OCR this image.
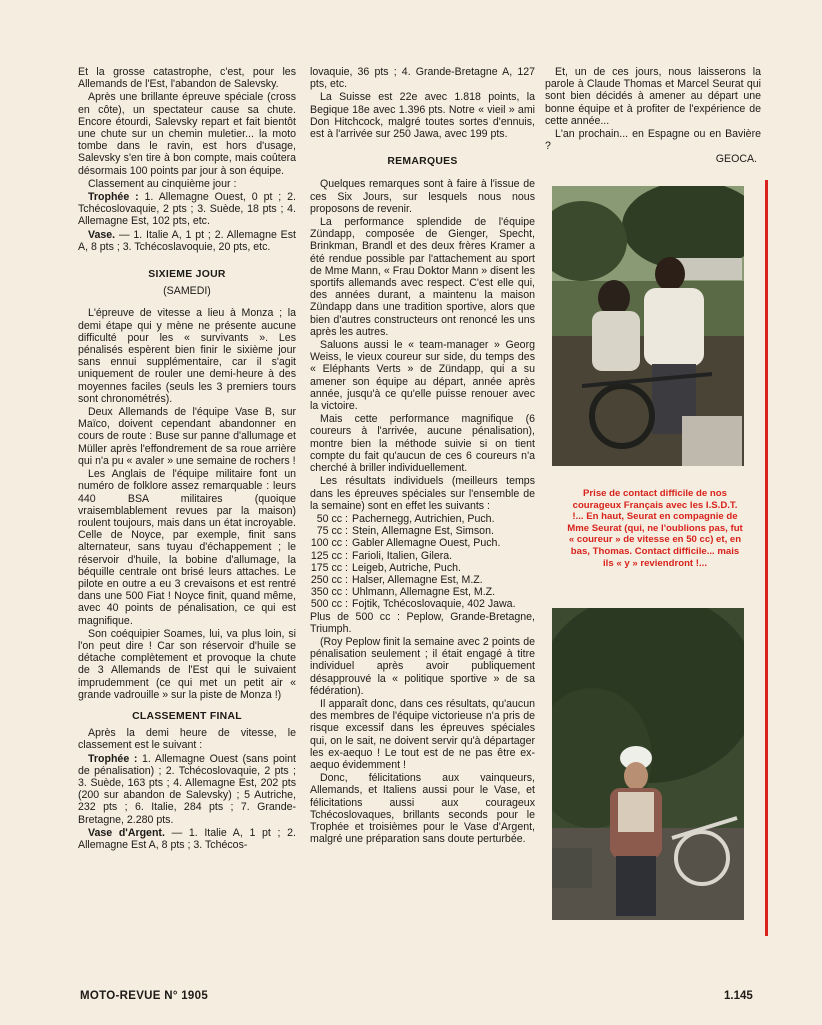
Et la grosse catastrophe, c'est, pour les Allemands de l'Est, l'abandon de Salevsky.

Après une brillante épreuve spéciale (cross en côte), un spectateur cause sa chute. Encore étourdi, Salevsky repart et fait bientôt une chute sur un chemin muletier... la moto tombe dans le ravin, est hors d'usage, Salevsky s'en tire à bon compte, mais coûtera désormais 100 points par jour à son équipe.

Classement au cinquième jour :

Trophée : 1. Allemagne Ouest, 0 pt ; 2. Tchécoslovaquie, 2 pts ; 3. Suède, 18 pts ; 4. Allemagne Est, 102 pts, etc.

Vase. — 1. Italie A, 1 pt ; 2. Allemagne Est A, 8 pts ; 3. Tchécoslavoquie, 20 pts, etc.

SIXIEME JOUR
(SAMEDI)

L'épreuve de vitesse a lieu à Monza ; la demi étape qui y mène ne présente aucune difficulté pour les « survivants ». Les pénalisés espèrent bien finir le sixième jour sans ennui supplémentaire, car il s'agit uniquement de rouler une demi-heure à des moyennes faciles (seuls les 3 premiers tours sont chronométrés).

Deux Allemands de l'équipe Vase B, sur Maïco, doivent cependant abandonner en cours de route : Buse sur panne d'allumage et Müller après l'effondrement de sa roue arrière qui n'a pu « avaler » une semaine de rochers !

Les Anglais de l'équipe militaire font un numéro de folklore assez remarquable : leurs 440 BSA militaires (quoique vraisemblablement revues par la maison) roulent toujours, mais dans un état incroyable. Celle de Noyce, par exemple, finit sans alternateur, sans tuyau d'échappement ; le réservoir d'huile, la bobine d'allumage, la béquille centrale ont brisé leurs attaches. Le pilote en outre a eu 3 crevaisons et est rentré dans une 500 Fiat ! Noyce finit, quand même, avec 40 points de pénalisation, ce qui est magnifique.

Son coéquipier Soames, lui, va plus loin, si l'on peut dire ! Car son réservoir d'huile se détache complètement et provoque la chute de 3 Allemands de l'Est qui le suivaient imprudemment (ce qui met un petit air « grande vadrouille » sur la piste de Monza !)

CLASSEMENT FINAL

Après la demi heure de vitesse, le classement est le suivant :

Trophée : 1. Allemagne Ouest (sans point de pénalisation) ; 2. Tchécoslovaquie, 2 pts ; 3. Suède, 163 pts ; 4. Allemagne Est, 202 pts (200 sur abandon de Salevsky) ; 5 Autriche, 232 pts ; 6. Italie, 284 pts ; 7. Grande-Bretagne, 2.280 pts.

Vase d'Argent. — 1. Italie A, 1 pt ; 2. Allemagne Est A, 8 pts ; 3. Tchécos-

lovaquie, 36 pts ; 4. Grande-Bretagne A, 127 pts, etc.

La Suisse est 22e avec 1.818 points, la Begique 18e avec 1.396 pts. Notre « vieil » ami Don Hitchcock, malgré toutes sortes d'ennuis, est à l'arrivée sur 250 Jawa, avec 199 pts.

REMARQUES

Quelques remarques sont à faire à l'issue de ces Six Jours, sur lesquels nous nous proposons de revenir.

La performance splendide de l'équipe Zündapp, composée de Gienger, Specht, Brinkman, Brandl et des deux frères Kramer a été rendue possible par l'attachement au sport de Mme Mann, « Frau Doktor Mann » disent les sportifs allemands avec respect. C'est elle qui, des années durant, a maintenu la maison Zündapp dans une tradition sportive, alors que bien d'autres constructeurs ont renoncé les uns après les autres.

Saluons aussi le « team-manager » Georg Weiss, le vieux coureur sur side, du temps des « Eléphants Verts » de Zündapp, qui a su amener son équipe au départ, année après année, jusqu'à ce qu'elle puisse renouer avec la victoire.

Mais cette performance magnifique (6 coureurs à l'arrivée, aucune pénalisation), montre bien la méthode suivie si on tient compte du fait qu'aucun de ces 6 coureurs n'a cherché à briller individuellement.

Les résultats individuels (meilleurs temps dans les épreuves spéciales sur l'ensemble de la semaine) sont en effet les suivants :

50 cc : Pachernegg, Autrichien, Puch.
75 cc : Stein, Allemagne Est, Simson.
100 cc : Gabler Allemagne Ouest, Puch.
125 cc : Farioli, Italien, Gilera.
175 cc : Leigeb, Autriche, Puch.
250 cc : Halser, Allemagne Est, M.Z.
350 cc : Uhlmann, Allemagne Est, M.Z.
500 cc : Fojtik, Tchécoslovaquie, 402 Jawa.

Plus de 500 cc : Peplow, Grande-Bretagne, Triumph.

(Roy Peplow finit la semaine avec 2 points de pénalisation seulement ; il était engagé à titre individuel après avoir publiquement désapprouvé la « politique sportive » de sa fédération).

Il apparaît donc, dans ces résultats, qu'aucun des membres de l'équipe victorieuse n'a pris de risque excessif dans les épreuves spéciales qui, on le sait, ne doivent servir qu'à départager les ex-aequo ! Le tout est de ne pas être ex-aequo évidemment !

Donc, félicitations aux vainqueurs, Allemands, et Italiens aussi pour le Vase, et félicitations aussi aux courageux Tchécoslovaques, brillants seconds pour le Trophée et troisièmes pour le Vase d'Argent, malgré une préparation sans doute perturbée.

Et, un de ces jours, nous laisserons la parole à Claude Thomas et Marcel Seurat qui sont bien décidés à amener au départ une bonne équipe et à profiter de l'expérience de cette année...

L'an prochain... en Espagne ou en Bavière ?

GEOCA.
Prise de contact difficile de nos courageux Français avec les I.S.D.T. !... En haut, Seurat en compagnie de Mme Seurat (qui, ne l'oublions pas, fut « coureur » de vitesse en 50 cc) et, en bas, Thomas. Contact difficile... mais ils « y » reviendront !...
MOTO-REVUE N° 1905	1.145
